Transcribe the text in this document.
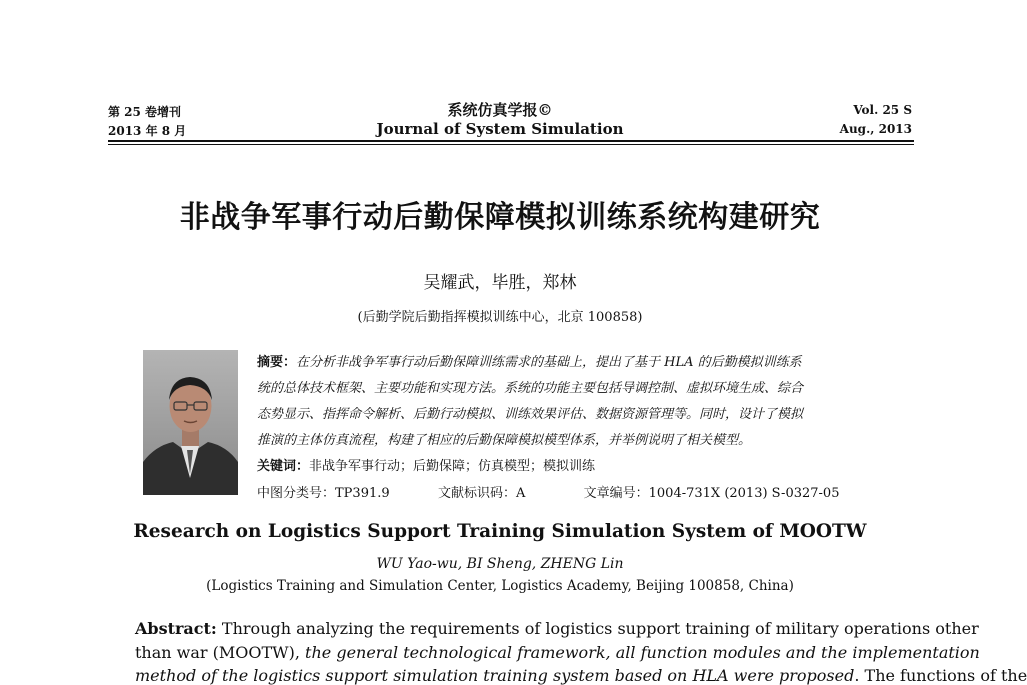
第 25 卷增刊
2013 年 8 月
系统仿真学报©
Journal of System Simulation
Vol. 25 S
Aug., 2013
非战争军事行动后勤保障模拟训练系统构建研究
吴耀武，毕胜，郑林
(后勤学院后勤指挥模拟训练中心，北京 100858)
摘要：在分析非战争军事行动后勤保障训练需求的基础上，提出了基于 HLA 的后勤模拟训练系
统的总体技术框架、主要功能和实现方法。系统的功能主要包括导调控制、虚拟环境生成、综合
态势显示、指挥命令解析、后勤行动模拟、训练效果评估、数据资源管理等。同时，设计了模拟
推演的主体仿真流程，构建了相应的后勤保障模拟模型体系，并举例说明了相关模型。
关键词：非战争军事行动；后勤保障；仿真模型；模拟训练
中图分类号：TP391.9	文献标识码：A	文章编号：1004-731X (2013) S-0327-05
Research on Logistics Support Training Simulation System of MOOTW
WU Yao-wu, BI Sheng, ZHENG Lin
(Logistics Training and Simulation Center, Logistics Academy, Beijing 100858, China)
Abstract: Through analyzing the requirements of logistics support training of military operations other
than war (MOOTW), the general technological framework, all function modules and the implementation
method of the logistics support simulation training system based on HLA were proposed. The functions of the
